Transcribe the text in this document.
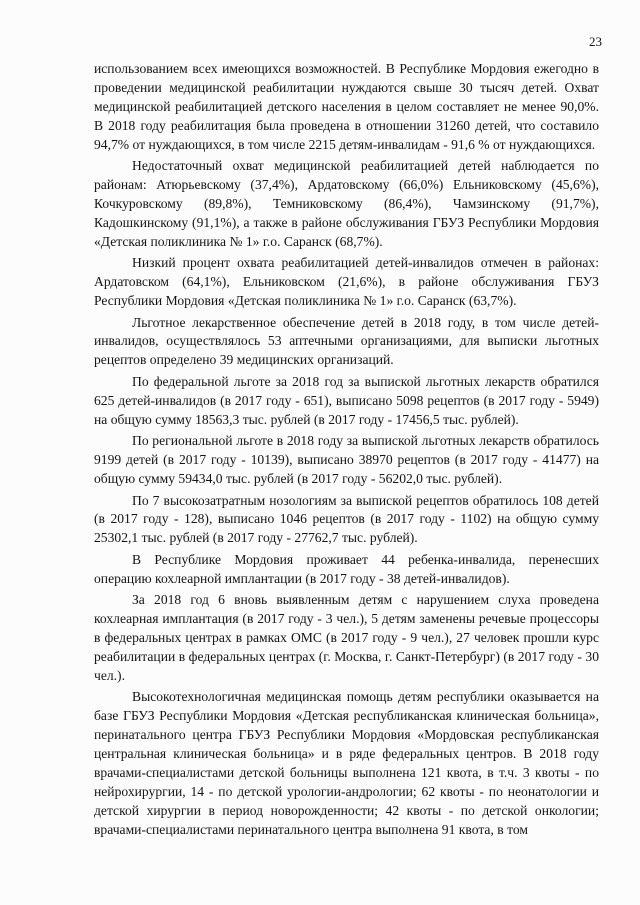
23

использованием всех имеющихся возможностей. В Республике Мордовия ежегодно в проведении медицинской реабилитации нуждаются свыше 30 тысяч детей. Охват медицинской реабилитацией детского населения в целом составляет не менее 90,0%. В 2018 году реабилитация была проведена в отношении 31260 детей, что составило 94,7% от нуждающихся, в том числе 2215 детям-инвалидам - 91,6 % от нуждающихся.

Недостаточный охват медицинской реабилитацией детей наблюдается по районам: Атюрьевскому (37,4%), Ардатовскому (66,0%) Ельниковскому (45,6%), Кочкуровскому (89,8%), Темниковскому (86,4%), Чамзинскому (91,7%), Кадошкинскому (91,1%), а также в районе обслуживания ГБУЗ Республики Мордовия «Детская поликлиника № 1» г.о. Саранск (68,7%).

Низкий процент охвата реабилитацией детей-инвалидов отмечен в районах: Ардатовском (64,1%), Ельниковском (21,6%), в районе обслуживания ГБУЗ Республики Мордовия «Детская поликлиника № 1» г.о. Саранск (63,7%).

Льготное лекарственное обеспечение детей в 2018 году, в том числе детей-инвалидов, осуществлялось 53 аптечными организациями, для выписки льготных рецептов определено 39 медицинских организаций.

По федеральной льготе за 2018 год за выпиской льготных лекарств обратился 625 детей-инвалидов (в 2017 году - 651), выписано 5098 рецептов (в 2017 году - 5949) на общую сумму 18563,3 тыс. рублей (в 2017 году - 17456,5 тыс. рублей).

По региональной льготе в 2018 году за выпиской льготных лекарств обратилось 9199 детей (в 2017 году - 10139), выписано 38970 рецептов (в 2017 году - 41477) на общую сумму 59434,0 тыс. рублей (в 2017 году - 56202,0 тыс. рублей).

По 7 высокозатратным нозологиям за выпиской рецептов обратилось 108 детей (в 2017 году - 128), выписано 1046 рецептов (в 2017 году - 1102) на общую сумму 25302,1 тыс. рублей (в 2017 году - 27762,7 тыс. рублей).

В Республике Мордовия проживает 44 ребенка-инвалида, перенесших операцию кохлеарной имплантации (в 2017 году - 38 детей-инвалидов).

За 2018 год 6 вновь выявленным детям с нарушением слуха проведена кохлеарная имплантация (в 2017 году - 3 чел.), 5 детям заменены речевые процессоры в федеральных центрах в рамках ОМС (в 2017 году - 9 чел.), 27 человек прошли курс реабилитации в федеральных центрах (г. Москва, г. Санкт-Петербург) (в 2017 году - 30 чел.).

Высокотехнологичная медицинская помощь детям республики оказывается на базе ГБУЗ Республики Мордовия «Детская республиканская клиническая больница», перинатального центра ГБУЗ Республики Мордовия «Мордовская республиканская центральная клиническая больница» и в ряде федеральных центров. В 2018 году врачами-специалистами детской больницы выполнена 121 квота, в т.ч. 3 квоты - по нейрохирургии, 14 - по детской урологии-андрологии; 62 квоты - по неонатологии и детской хирургии в период новорожденности; 42 квоты - по детской онкологии; врачами-специалистами перинатального центра выполнена 91 квота, в том
